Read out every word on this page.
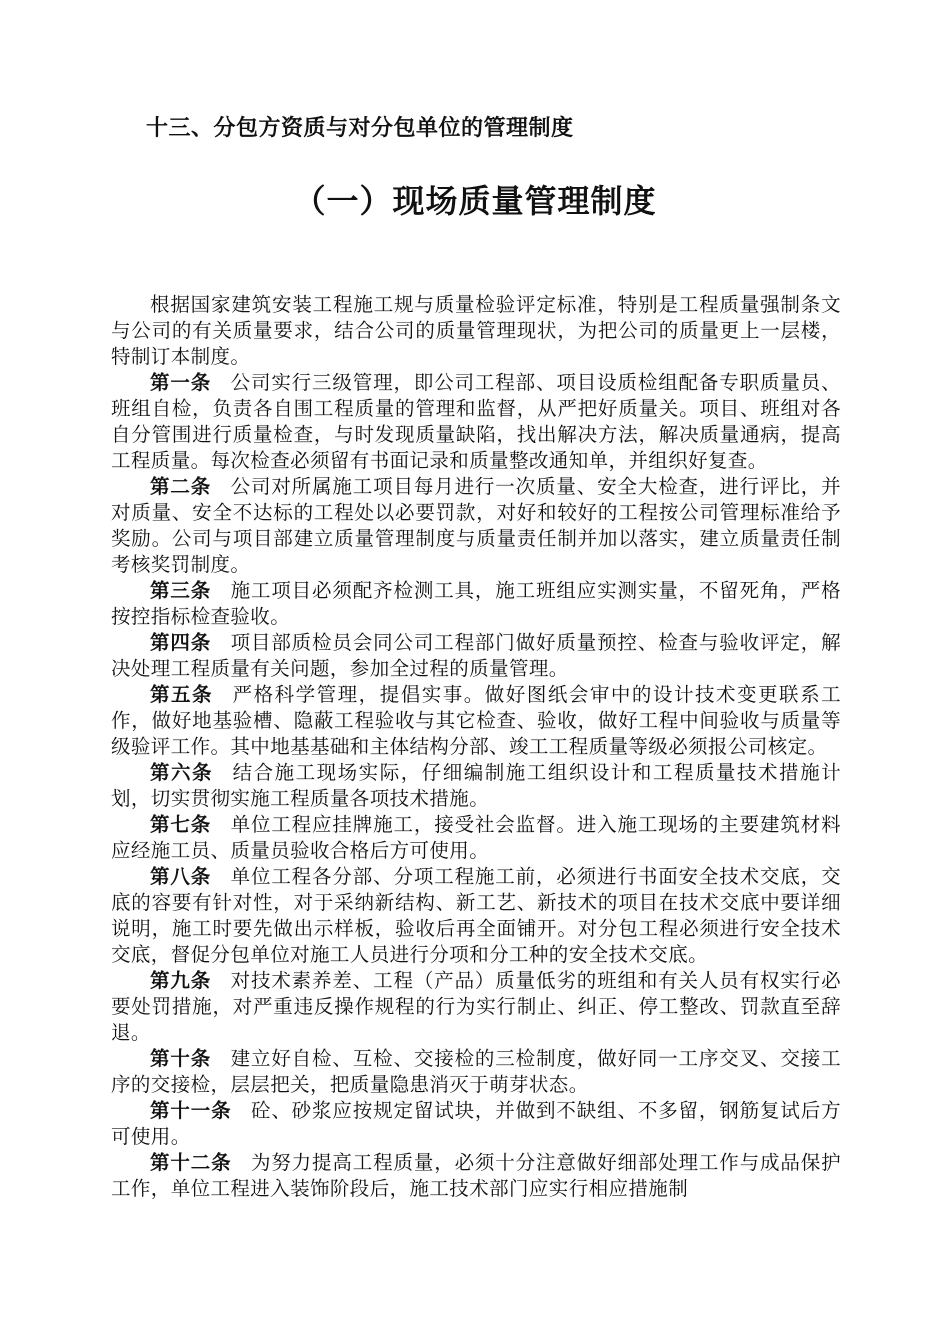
十三、分包方资质与对分包单位的管理制度
（一）现场质量管理制度

根据国家建筑安装工程施工规与质量检验评定标准，特别是工程质量强制条文与公司的有关质量要求，结合公司的质量管理现状，为把公司的质量更上一层楼，特制订本制度。

第一条 公司实行三级管理，即公司工程部、项目设质检组配备专职质量员、班组自检，负责各自围工程质量的管理和监督，从严把好质量关。项目、班组对各自分管围进行质量检查，与时发现质量缺陷，找出解决方法，解决质量通病，提高工程质量。每次检查必须留有书面记录和质量整改通知单，并组织好复查。

第二条 公司对所属施工项目每月进行一次质量、安全大检查，进行评比，并对质量、安全不达标的工程处以必要罚款，对好和较好的工程按公司管理标准给予奖励。公司与项目部建立质量管理制度与质量责任制并加以落实，建立质量责任制考核奖罚制度。

第三条 施工项目必须配齐检测工具，施工班组应实测实量，不留死角，严格按控指标检查验收。

第四条 项目部质检员会同公司工程部门做好质量预控、检查与验收评定，解决处理工程质量有关问题，参加全过程的质量管理。

第五条 严格科学管理，提倡实事。做好图纸会审中的设计技术变更联系工作，做好地基验槽、隐蔽工程验收与其它检查、验收，做好工程中间验收与质量等级验评工作。其中地基基础和主体结构分部、竣工工程质量等级必须报公司核定。

第六条 结合施工现场实际，仔细编制施工组织设计和工程质量技术措施计划，切实贯彻实施工程质量各项技术措施。

第七条 单位工程应挂牌施工，接受社会监督。进入施工现场的主要建筑材料应经施工员、质量员验收合格后方可使用。

第八条 单位工程各分部、分项工程施工前，必须进行书面安全技术交底，交底的容要有针对性，对于采纳新结构、新工艺、新技术的项目在技术交底中要详细说明，施工时要先做出示样板，验收后再全面铺开。对分包工程必须进行安全技术交底，督促分包单位对施工人员进行分项和分工种的安全技术交底。

第九条 对技术素养差、工程（产品）质量低劣的班组和有关人员有权实行必要处罚措施，对严重违反操作规程的行为实行制止、纠正、停工整改、罚款直至辞退。

第十条 建立好自检、互检、交接检的三检制度，做好同一工序交叉、交接工序的交接检，层层把关，把质量隐患消灭于萌芽状态。

第十一条 砼、砂浆应按规定留试块，并做到不缺组、不多留，钢筋复试后方可使用。

第十二条 为努力提高工程质量，必须十分注意做好细部处理工作与成品保护工作，单位工程进入装饰阶段后，施工技术部门应实行相应措施制
